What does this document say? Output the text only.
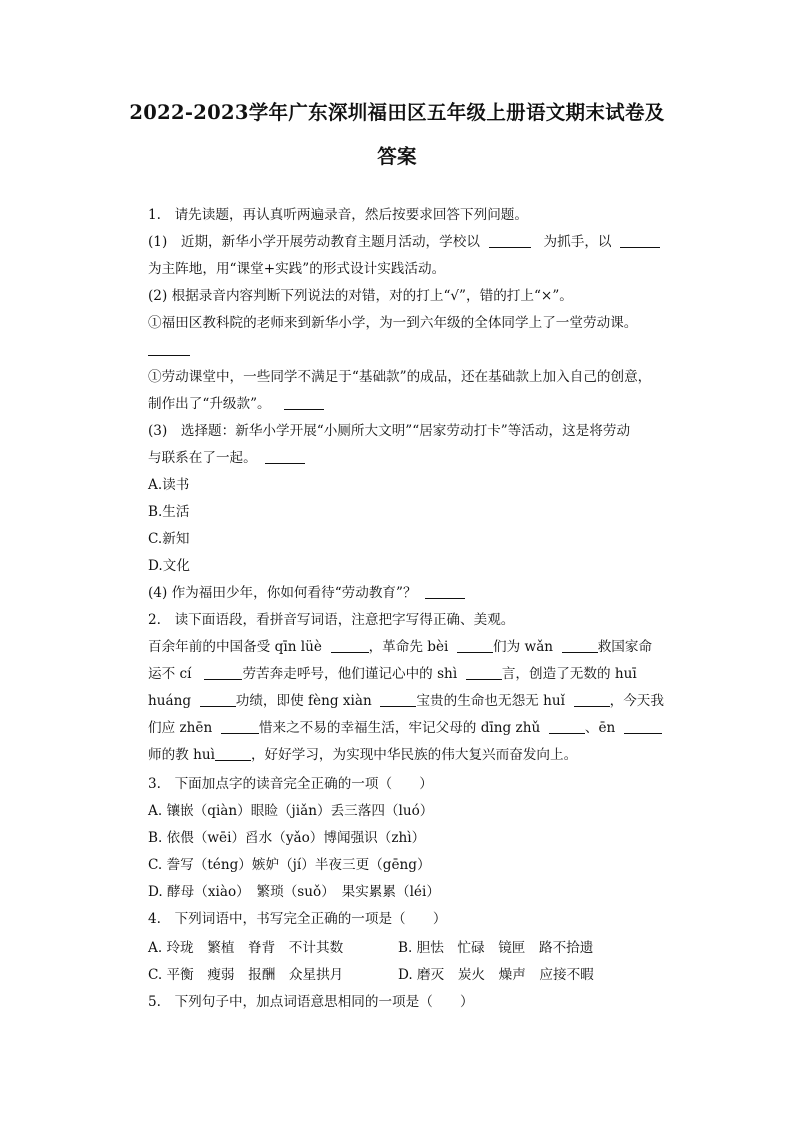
2022-2023学年广东深圳福田区五年级上册语文期末试卷及
答案
1.　请先读题，再认真听两遍录音，然后按要求回答下列问题。
(1)　近期，新华小学开展劳动教育主题月活动，学校以	为抓手，以
为主阵地，用“课堂+实践”的形式设计实践活动。
(2) 根据录音内容判断下列说法的对错，对的打上“√”，错的打上“×”。
①福田区教科院的老师来到新华小学，为一到六年级的全体同学上了一堂劳动课。
①劳动课堂中，一些同学不满足于“基础款”的成品，还在基础款上加入自己的创意，
制作出了“升级款”。
(3)　选择题：新华小学开展“小厕所大文明”“居家劳动打卡”等活动，这是将劳动
与联系在了一起。
A.读书
B.生活
C.新知
D.文化
(4) 作为福田少年，你如何看待“劳动教育”？
2.　读下面语段，看拼音写词语，注意把字写得正确、美观。
百余年前的中国备受 qīn lüè	，革命先 bèi	们为 wǎn	救国家命
运不 cí	劳苦奔走呼号，他们谨记心中的 shì	言，创造了无数的 huī
huáng	功绩，即使 fèng xiàn	宝贵的生命也无怨无 huǐ	，今天我
们应 zhēn	惜来之不易的幸福生活，牢记父母的 dīng zhǔ	、ēn
师的教 huì	，好好学习，为实现中华民族的伟大复兴而奋发向上。
3.　下面加点字的读音完全正确的一项（　　）
A. 镶嵌（qiàn）眼睑（jiǎn）丢三落四（luó）
B. 依偎（wēi）舀水（yǎo）博闻强识（zhì）
C. 誊写（téng）嫉妒（jí）半夜三更（gēng）
D. 酵母（xiào）　繁琐（suǒ）　果实累累（léi）
4.　下列词语中，书写完全正确的一项是（　　）
A. 玲珑　繁植　脊背　不计其数	B. 胆怯　忙碌　镜匣　路不拾遗
C. 平衡　瘦弱　报酬　众星拱月	D. 磨灭　炭火　燥声　应接不暇
5.　下列句子中，加点词语意思相同的一项是（　　）
